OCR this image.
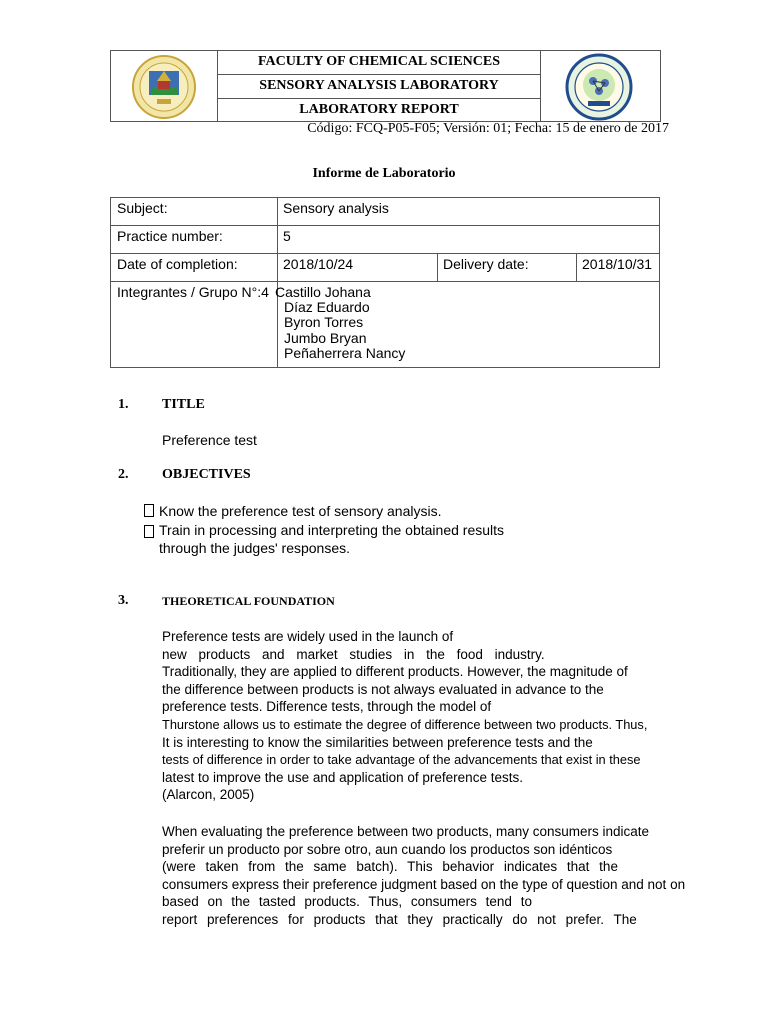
FACULTY OF CHEMICAL SCIENCES
SENSORY ANALYSIS LABORATORY
LABORATORY REPORT
Código: FCQ-P05-F05; Versión: 01; Fecha: 15 de enero de 2017
Informe de Laboratorio
Subject:	Sensory analysis
Practice number:	5
Date of completion:	2018/10/24	Delivery date:	2018/10/31
Integrantes / Grupo N°:4 Castillo Johana
Díaz Eduardo
Byron Torres
Jumbo Bryan
Peñaherrera Nancy
1. TITLE
Preference test
2. OBJECTIVES
Know the preference test of sensory analysis.
Train in processing and interpreting the obtained results through the judges' responses.
3.	THEORETICAL FOUNDATION
Preference tests are widely used in the launch of
new products and market studies in the food industry.
Traditionally, they are applied to different products. However, the magnitude of
the difference between products is not always evaluated in advance to the
preference tests. Difference tests, through the model of
Thurstone allows us to estimate the degree of difference between two products. Thus,
It is interesting to know the similarities between preference tests and the
tests of difference in order to take advantage of the advancements that exist in these
latest to improve the use and application of preference tests.
(Alarcon, 2005)
When evaluating the preference between two products, many consumers indicate
preferir un producto por sobre otro, aun cuando los productos son idénticos
(were taken from the same batch). This behavior indicates that the
consumers express their preference judgment based on the type of question and not on
based on the tasted products. Thus, consumers tend to
report preferences for products that they practically do not prefer. The
